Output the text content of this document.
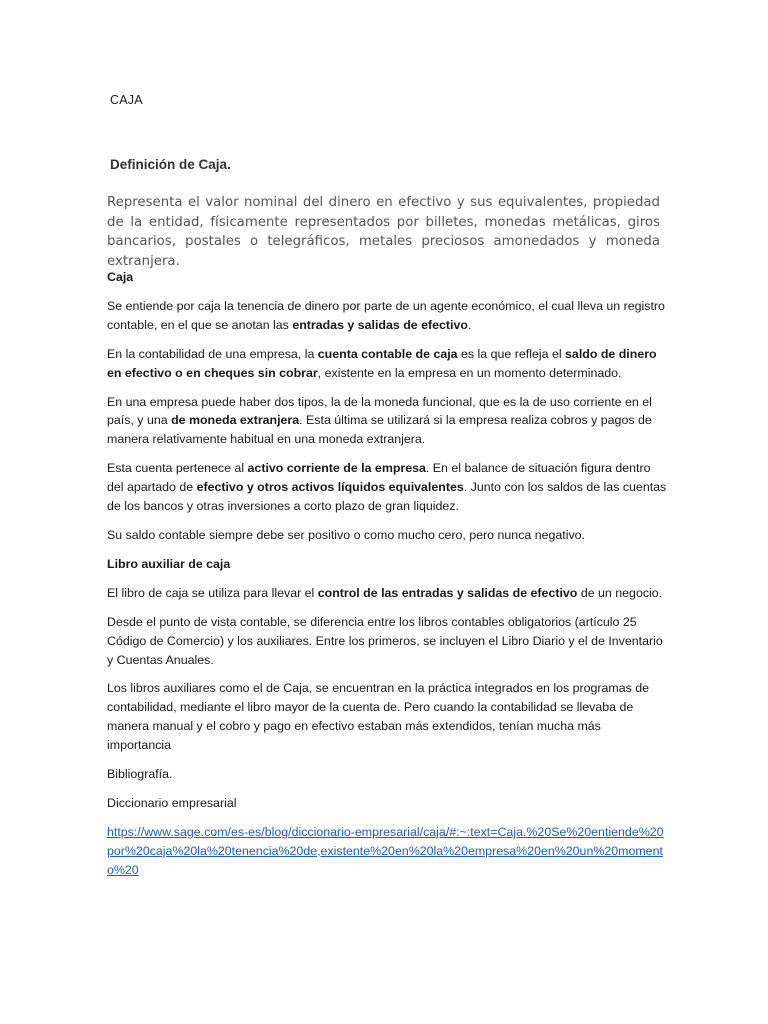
CAJA
Definición de Caja.
Representa el valor nominal del dinero en efectivo y sus equivalentes, propiedad de la entidad, físicamente representados por billetes, monedas metálicas, giros bancarios, postales o telegráficos, metales preciosos amonedados y moneda extranjera.

Caja

Se entiende por caja la tenencia de dinero por parte de un agente económico, el cual lleva un registro contable, en el que se anotan las entradas y salidas de efectivo.

En la contabilidad de una empresa, la cuenta contable de caja es la que refleja el saldo de dinero en efectivo o en cheques sin cobrar, existente en la empresa en un momento determinado.

En una empresa puede haber dos tipos, la de la moneda funcional, que es la de uso corriente en el país, y una de moneda extranjera. Esta última se utilizará si la empresa realiza cobros y pagos de manera relativamente habitual en una moneda extranjera.

Esta cuenta pertenece al activo corriente de la empresa. En el balance de situación figura dentro del apartado de efectivo y otros activos líquidos equivalentes. Junto con los saldos de las cuentas de los bancos y otras inversiones a corto plazo de gran liquidez.

Su saldo contable siempre debe ser positivo o como mucho cero, pero nunca negativo.

Libro auxiliar de caja

El libro de caja se utiliza para llevar el control de las entradas y salidas de efectivo de un negocio.

Desde el punto de vista contable, se diferencia entre los libros contables obligatorios (artículo 25 Código de Comercio) y los auxiliares. Entre los primeros, se incluyen el Libro Diario y el de Inventario y Cuentas Anuales.

Los libros auxiliares como el de Caja, se encuentran en la práctica integrados en los programas de contabilidad, mediante el libro mayor de la cuenta de. Pero cuando la contabilidad se llevaba de manera manual y el cobro y pago en efectivo estaban más extendidos, tenían mucha más importancia

Bibliografía.

Diccionario empresarial

https://www.sage.com/es-es/blog/diccionario-empresarial/caja/#:~:text=Caja.%20Se%20entiende%20por%20caja%20la%20tenencia%20de,existente%20en%20la%20empresa%20en%20un%20momento%20
